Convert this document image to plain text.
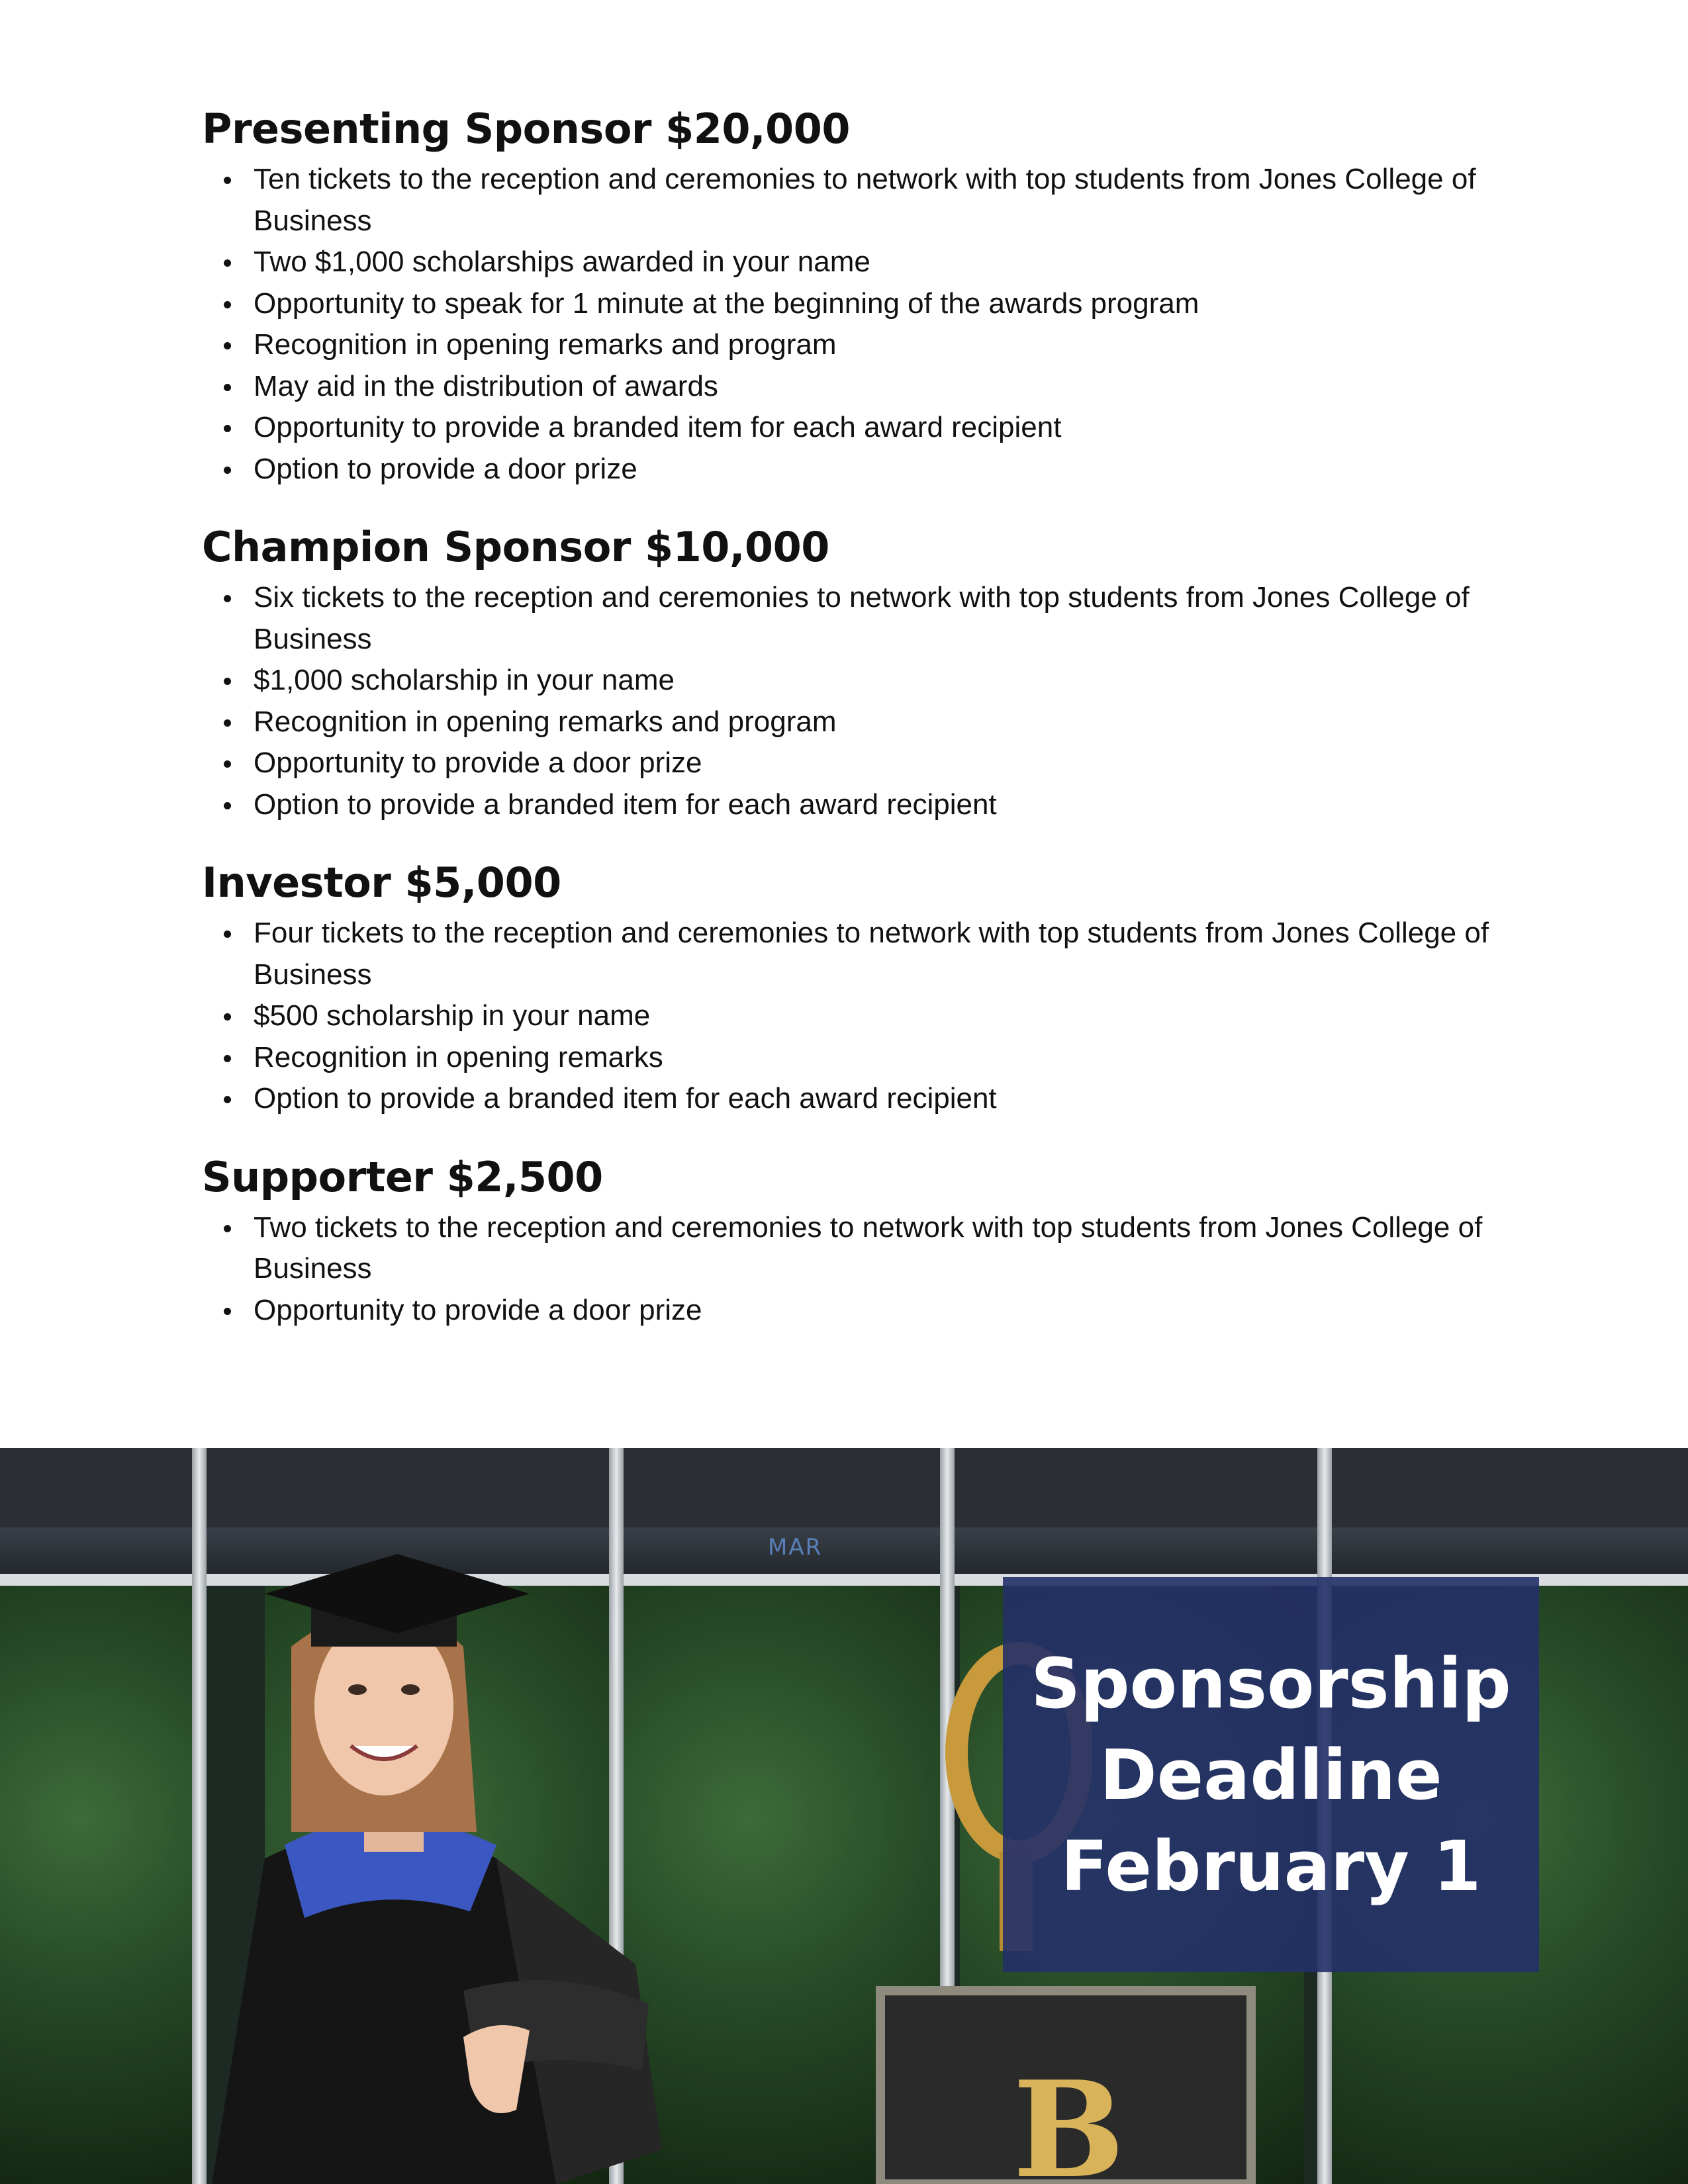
Presenting Sponsor $20,000
Ten tickets to the reception and ceremonies to network with top students from Jones College of Business
Two $1,000 scholarships awarded in your name
Opportunity to speak for 1 minute at the beginning of the awards program
Recognition in opening remarks and program
May aid in the distribution of awards
Opportunity to provide a branded item for each award recipient
Option to provide a door prize
Champion Sponsor $10,000
Six tickets to the reception and ceremonies to network with top students from Jones College of Business
$1,000 scholarship in your name
Recognition in opening remarks and program
Opportunity to provide a door prize
Option to provide a branded item for each award recipient
Investor $5,000
Four tickets to the reception and ceremonies to network with top students from Jones College of Business
$500 scholarship in your name
Recognition in opening remarks
Option to provide a branded item for each award recipient
Supporter $2,500
Two tickets to the reception and ceremonies to network with top students from Jones College of Business
Opportunity to provide a door prize
MAR
B
Sponsorship
Deadline
February 1
